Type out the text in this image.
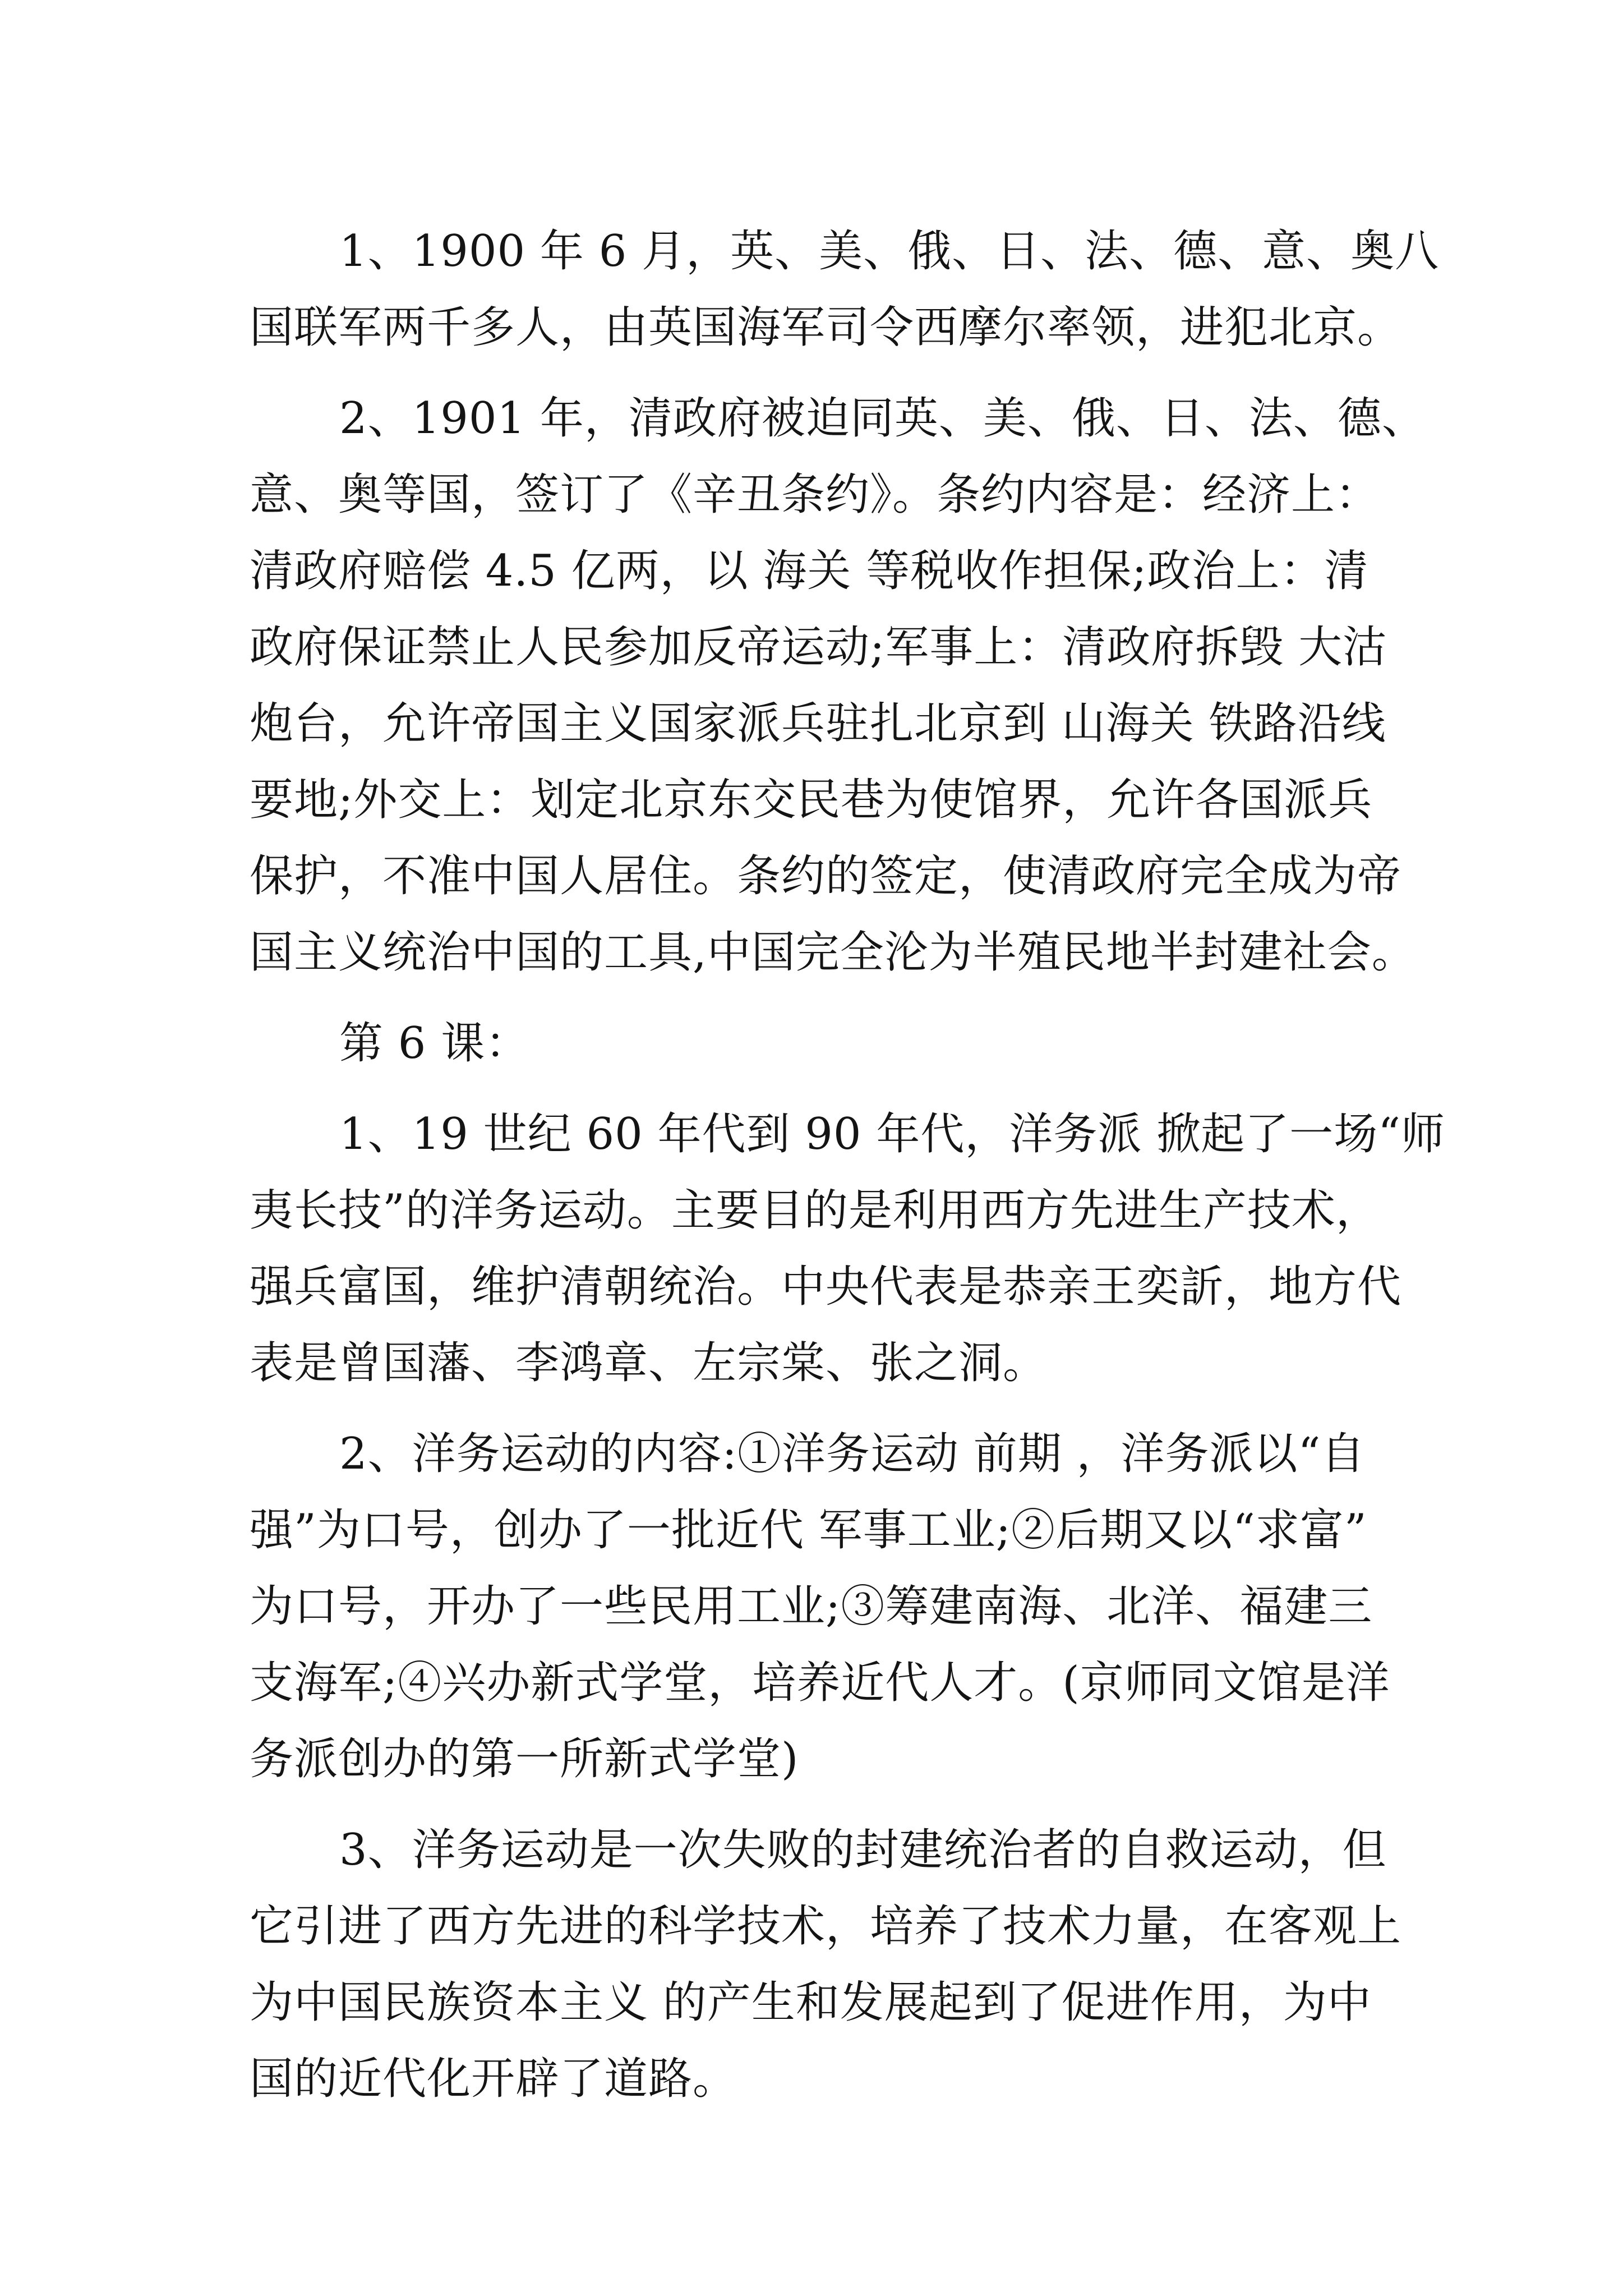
1、1900 年 6 月，英、美、俄、日、法、德、意、奥八
国联军两千多人，由英国海军司令西摩尔率领，进犯北京。
2、1901 年，清政府被迫同英、美、俄、日、法、德、
意、奥等国，签订了《辛丑条约》。条约内容是：经济上：
清政府赔偿 4.5 亿两，以 海关 等税收作担保;政治上：清
政府保证禁止人民参加反帝运动;军事上：清政府拆毁 大沽
炮台，允许帝国主义国家派兵驻扎北京到 山海关 铁路沿线
要地;外交上：划定北京东交民巷为使馆界，允许各国派兵
保护，不准中国人居住。条约的签定，使清政府完全成为帝
国主义统治中国的工具,中国完全沦为半殖民地半封建社会。
第 6 课：
1、19 世纪 60 年代到 90 年代，洋务派 掀起了一场“师
夷长技”的洋务运动。主要目的是利用西方先进生产技术，
强兵富国，维护清朝统治。中央代表是恭亲王奕訢，地方代
表是曾国藩、李鸿章、左宗棠、张之洞。
2、洋务运动的内容:①洋务运动 前期 ，洋务派以“自
强”为口号，创办了一批近代 军事工业;②后期又以“求富”
为口号，开办了一些民用工业;③筹建南海、北洋、福建三
支海军;④兴办新式学堂，培养近代人才。(京师同文馆是洋
务派创办的第一所新式学堂)
3、洋务运动是一次失败的封建统治者的自救运动，但
它引进了西方先进的科学技术，培养了技术力量，在客观上
为中国民族资本主义 的产生和发展起到了促进作用，为中
国的近代化开辟了道路。
